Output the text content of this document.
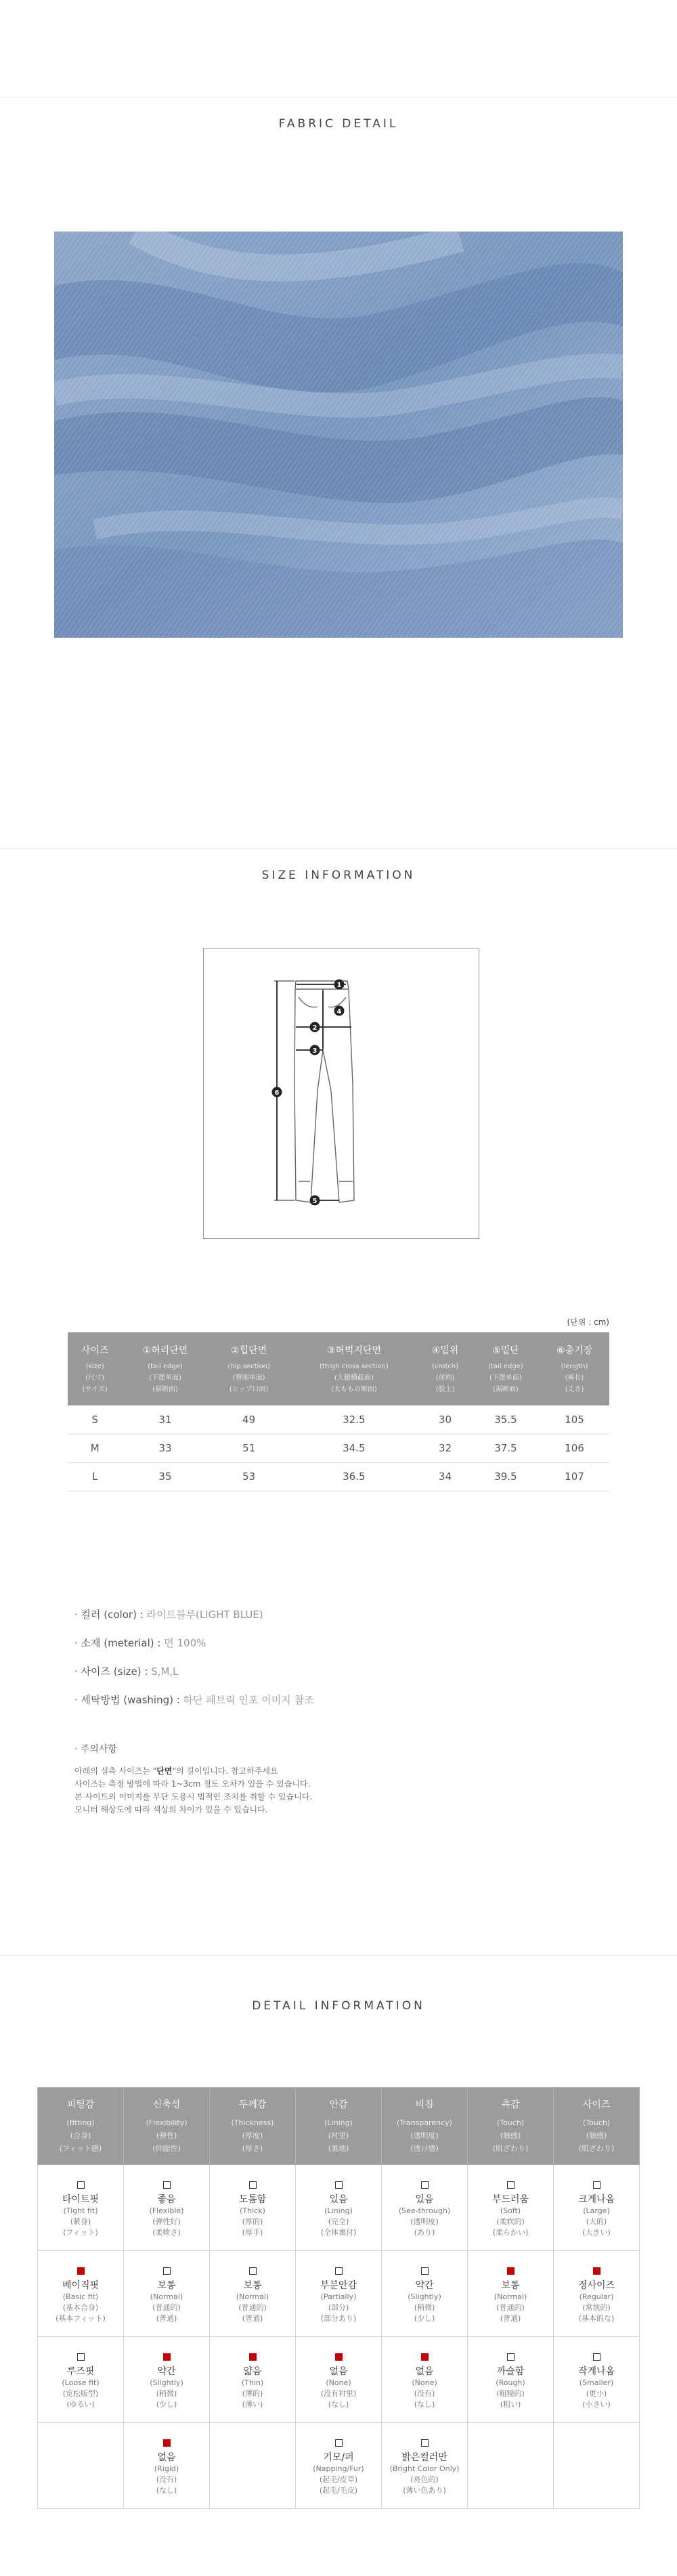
FABRIC DETAIL
SIZE INFORMATION
1
4
2
3
6
5
(단위 : cm)
사이즈
(size)
(尺寸)
(サイズ)	①허리단면
(tail edge)
(下摆单面)
(裾断面)	②힙단면
(hip section)
(臀围单面)
(ヒップ口面)	③허벅지단면
(thigh cross section)
(大腿横截面)
(太ももの断面)	④밑위
(crotch)
(前裆)
(股上)	⑤밑단
(tail edge)
(下摆单面)
(裾断面)	⑥총기장
(length)
(裤长)
(丈さ)

S	31	49	32.5	30	35.5	105
M	33	51	34.5	32	37.5	106
L	35	53	36.5	34	39.5	107
· 컬러 (color) : 라이트블루(LIGHT BLUE)
· 소재 (meterial) : 면 100%
· 사이즈 (size) : S,M,L
· 세탁방법 (washing) : 하단 패브릭 인포 이미지 참조
· 주의사항

아래의 실측 사이즈는 "단면"의 길이입니다. 참고하주세요

사이즈는 측정 방법에 따라 1~3cm 정도 오차가 있을 수 있습니다.

본 사이트의 이미지를 무단 도용시 법적인 조치를 취할 수 있습니다.

모니터 해상도에 따라 색상의 차이가 있을 수 있습니다.

DETAIL INFORMATION
피팅감
(fitting)
(合身)
(フィット感)	신축성
(Flexibility)
(弹性)
(伸縮性)	두께감
(Thickness)
(厚度)
(厚さ)	안감
(Lining)
(衬里)
(裏地)	비침
(Transparency)
(透明度)
(透け感)	촉감
(Touch)
(触感)
(肌ざわり)	사이즈
(Touch)
(触感)
(肌ざわり)

타이트핏
(Tight fit)
(紧身)
(フィット)	좋음
(Flexible)
(弹性好)
(柔軟さ)	도톰함
(Thick)
(厚的)
(厚手)	있음
(Lining)
(完全)
(全体裏付)	있음
(See-through)
(透明度)
(あり)	부드러움
(Soft)
(柔软的)
(柔らかい)	크게나옴
(Large)
(大的)
(大きい)

베이직핏
(Basic fit)
(基本合身)
(基本フィット)	보통
(Normal)
(普通的)
(普通)	보통
(Normal)
(普通的)
(普通)	부분안감
(Partially)
(部分)
(部分あり)	약간
(Slightly)
(稍微)
(少し)	보통
(Normal)
(普通的)
(普通)	정사이즈
(Regular)
(常规的)
(基本的な)

루즈핏
(Loose fit)
(宽松版型)
(ゆるい)	약간
(Slightly)
(稍微)
(少し)	얇음
(Thin)
(薄的)
(薄い)	없음
(None)
(没有衬里)
(なし)	없음
(None)
(没有)
(なし)	까슬함
(Rough)
(粗糙的)
(粗い)	작게나옴
(Smaller)
(更小)
(小さい)

	없음
(Rigid)
(没有)
(なし)		기모/퍼
(Napping/Fur)
(起毛/皮草)
(起毛/毛皮)	밝은컬러만
(Bright Color Only)
(亮色的)
(薄い色あり)		
